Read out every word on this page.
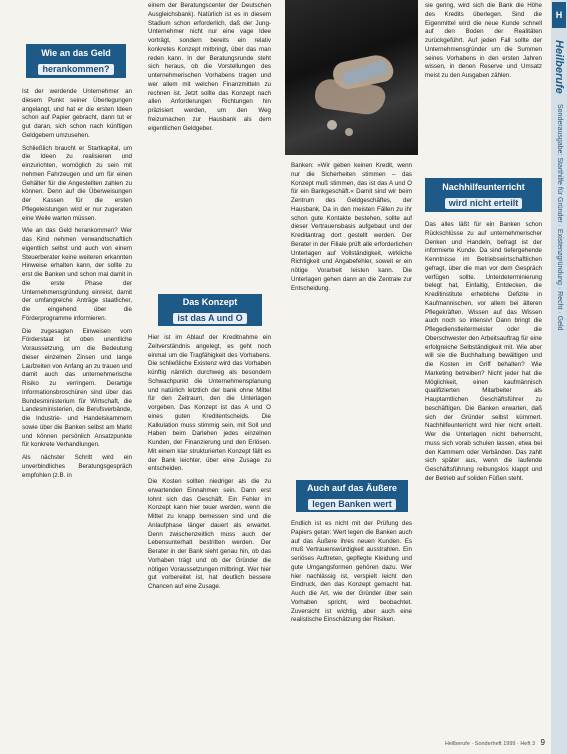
Wie an das Geld
herankommen?

Ist der werdende Unternehmer an diesem Punkt seiner Überlegungen angelangt, und hat er die ersten Ideen schon auf Papier gebracht, dann tut er gut daran, sich schon nach künftigen Geldgebern umzusehen.

Schließlich braucht er Startkapital, um die Ideen zu realisieren und einzurichten, womöglich zu sein mit nehmen Fahrzeugen und um für einen Gehälter für die Angestellten zahlen zu können. Denn auf die Überweisungen der Kassen für die ersten Pflegeleistungen wird er nur zugeraten eine Weile warten müssen.

Wie an das Geld herankommen? Wer das Kind nehmen verwandtschaftlich eigentlich selbst und auch von einem Steuerberater keine weiteren erkannten Hinweise erhalten kann, der sollte zu erst die Banken und schon mal damit in die erste Phase der Unternehmensgründung einreist, damit der umfangreiche Anträge staatlicher, die eingehend über die Förderprogramme informieren.

Die zugesagten Einweisen vom Förderstaat ist oben unentliche Voraussetzung, um die Bedeutung dieser einzelnen Zinsen und lange Laufzeiten von Anfang an zu trauen und damit auch das unternehmerische Risiko zu verringern. Derartige Informationsbroschüren sind über das Bundesministerium für Wirtschaft, die Landesministerien, die Berufsverbände, die Industrie- und Handelskammern sowie über die Banken selbst am Markt und können persönlich Ansatzpunkte für konkrete Verhandlungen.

Als nächster Schritt wird ein unverbindliches Beratungsgespräch empfohlen (z.B. in

einem der Beratungscenter der Deutschen Ausgleichsbank). Natürlich ist es in diesem Stadium schon erforderlich, daß der Jung-Unternehmer nicht nur eine vage Idee vorträgt, sondern bereits ein relativ konkretes Konzept mitbringt, über das man reden kann. In der Beratungsrunde steht sich heraus, ob die Vorstellungen des unternehmerischen Vorhabens tragen und wer allem mit welchen Finanzmitteln zu rechnen ist. Jetzt sollte das Konzept nach allen Anforderungen Richtungen hin präzisiert werden, um den Weg freizumachen zur Hausbank als dem eigentlichen Geldgeber.

Das Konzept
ist das A und O

Hier ist im Ablauf der Kreditnahme ein Zeitverständnis angelegt, es geht noch einmal um die Tragfähigkeit des Vorhabens. Die schließliche Existenz wird das Vorhaben künftig nämlich durchweg als besondern Schwachpunkt die Unternehmensplanung und natürlich letztlich der bank ohne Mittel für den Zeitraum, den die Unterlagen vorgeben. Das Konzept ist das A und O eines guten Kreditentscheids. Die Kalkulation muss stimmig sein, mit Soll und Haben beim Darlehen jedes einzelnen Kunden, der Finanzierung und den Erlösen. Mit einem klar strukturierten Konzept fällt es der Bank leichter, über eine Zusage zu entscheiden.

Die Kosten sollten niedriger als die zu erwartenden Einnahmen sein. Dann erst lohnt sich das Geschäft. Ein Fehler im Konzept kann hier teuer werden, wenn die Mittel zu knapp bemessen sind und die Anlaufphase länger dauert als erwartet. Denn zwischenzeitlich muss auch der Lebensunterhalt bestritten werden. Der Berater in der Bank sieht genau hin, ob das Vorhaben trägt und ob der Gründer die nötigen Voraussetzungen mitbringt. Wer hier gut vorbereitet ist, hat deutlich bessere Chancen auf eine Zusage.

Banken: »Wir geben keinen Kredit, wenn nur die Sicherheiten stimmen – das Konzept muß stimmen, das ist das A und O für ein Bankgeschäft.« Damit sind wir beim Zentrum des Geldgeschäftes, der Hausbank. Da in den meisten Fällen zu ihr schon gute Kontakte bestehen, sollte auf dieser Vertrauensbasis aufgebaut und der Kreditantrag dort gestellt werden. Der Berater in der Filiale prüft alle erforderlichen Unterlagen auf Vollständigkeit, wirkliche Richtigkeit und Angabefehler, soweit er ein nötige Vorarbeit leisten kann. Die Unterlagen gehen dann an die Zentrale zur Entscheidung.

Auch auf das Äußere
legen Banken wert

Endlich ist es nicht mit der Prüfung des Papiers getan: Wert legen die Banken auch auf das Äußere ihres neuen Kunden. Es muß Vertrauenswürdigkeit ausstrahlen. Ein seriöses Auftreten, gepflegte Kleidung und gute Umgangsformen gehören dazu. Wer hier nachlässig ist, verspielt leicht den Eindruck, den das Konzept gemacht hat. Auch die Art, wie der Gründer über sein Vorhaben spricht, wird beobachtet. Zuversicht ist wichtig, aber auch eine realistische Einschätzung der Risiken.

sie gering, wird sich die Bank die Höhe des Kredits überlegen. Sind die Eigenmittel wird die neue Kunde schnell auf den Boden der Realitäten zurückgeführt. Auf jeden Fall sollte der Unternehmensgründer um die Summen seines Vorhabens in den ersten Jahren wissen, in denen Reserve und Umsatz meist zu den Ausgaben zählen.

Nachhilfeunterricht
wird nicht erteilt

Das alles läßt für ein Banken schon Rückschlüsse zu auf unternehmerischer Denken und Handeln, befragt ist der informierte Kunde. Da sind tiefergehende Kenntnisse im Betriebswirtschaftlichen gefragt, über die man vor dem Gespräch verfügen sollte. Unterdeterminierung belegt hat, Einfaltig, Entdecken, die Kreditinstitute erhebliche Defizite in Kaufmannischen, vor allem bei älteren Pflegekräften. Wissen auf das Wissen auch noch so intensiv! Dann bringt die Pflegedienstleitermeister oder die Oberschwester den Arbeitsauftrag für eine erfolgreiche Selbständigkeit mit. Wie aber will sie die Buchhaltung bewältigen und die Kosten im Griff behalten? Wie Marketing betreiben? Nicht jeder hat die Möglichkeit, einen kaufmännisch qualifizierten Mitarbeiter als Hauptamtlichen Geschäftsführer zu beschäftigen. Die Banken erwarten, daß sich der Gründer selbst kümmert. Nachhilfeunterricht wird hier nicht erteilt. Wer die Unterlagen nicht beherrscht, muss sich vorab schulen lassen, etwa bei den Kammern oder Verbänden. Das zahlt sich später aus, wenn die laufende Geschäftsführung reibungslos klappt und der Betrieb auf soliden Füßen steht.

H
Heilberufe Sonderausgabe: Starthilfe für Gründer · Existenzgründung · Recht · Geld
Heilberufe · Sonderheft 1999 · Heft 3 9
